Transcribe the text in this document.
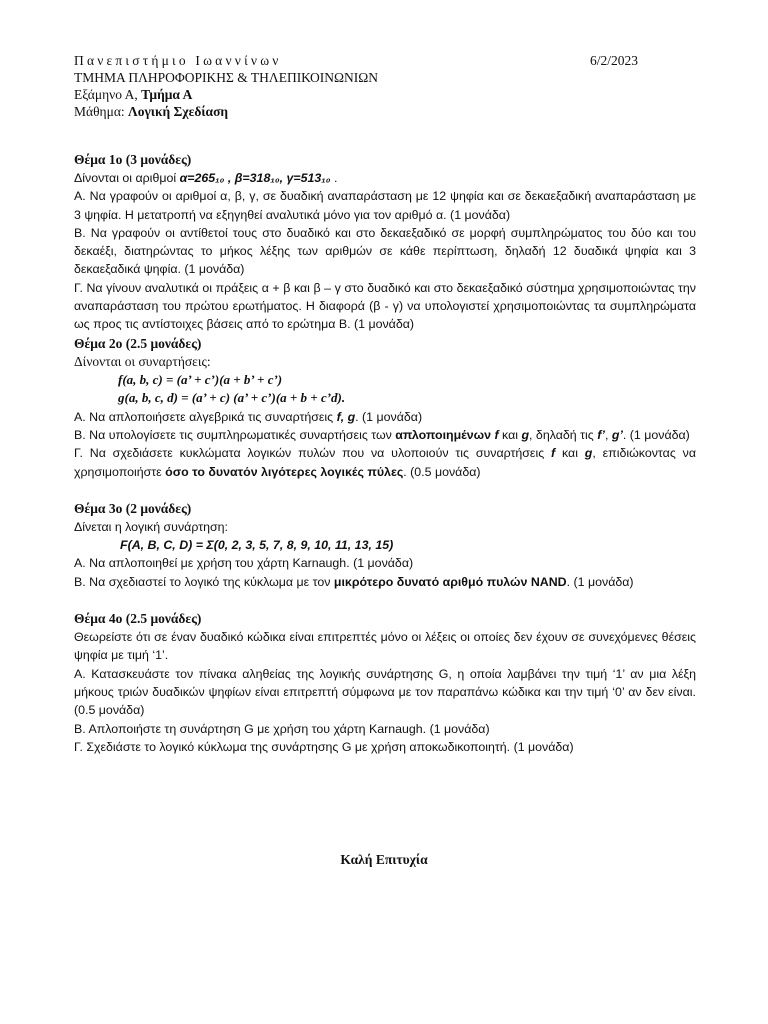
Πανεπιστήμιο Ιωαννίνων	6/2/2023
ΤΜΗΜΑ ΠΛΗΡΟΦΟΡΙΚΗΣ & ΤΗΛΕΠΙΚΟΙΝΩΝΙΩΝ
Εξάμηνο Α, Τμήμα Α
Μάθημα: Λογική Σχεδίαση
Θέμα 1ο (3 μονάδες)

Δίνονται οι αριθμοί α=265₁₀ , β=318₁₀, γ=513₁₀ .

Α. Να γραφούν οι αριθμοί α, β, γ, σε δυαδική αναπαράσταση με 12 ψηφία και σε δεκαεξαδική αναπαράσταση με 3 ψηφία. Η μετατροπή να εξηγηθεί αναλυτικά μόνο για τον αριθμό α. (1 μονάδα)

Β. Να γραφούν οι αντίθετοί τους στο δυαδικό και στο δεκαεξαδικό σε μορφή συμπληρώματος του δύο και του δεκαέξι, διατηρώντας το μήκος λέξης των αριθμών σε κάθε περίπτωση, δηλαδή 12 δυαδικά ψηφία και 3 δεκαεξαδικά ψηφία. (1 μονάδα)

Γ. Να γίνουν αναλυτικά οι πράξεις α + β και β – γ στο δυαδικό και στο δεκαεξαδικό σύστημα χρησιμοποιώντας την αναπαράσταση του πρώτου ερωτήματος. Η διαφορά (β - γ) να υπολογιστεί χρησιμοποιώντας τα συμπληρώματα ως προς τις αντίστοιχες βάσεις από το ερώτημα Β. (1 μονάδα)

Θέμα 2ο (2.5 μονάδες)
Δίνονται οι συναρτήσεις:
f(a, b, c) = (a’ + c’)(a + b’ + c’)
g(a, b, c, d) = (a’ + c) (a’ + c’)(a + b + c’d).

Α. Να απλοποιήσετε αλγεβρικά τις συναρτήσεις f, g. (1 μονάδα)

Β. Να υπολογίσετε τις συμπληρωματικές συναρτήσεις των απλοποιημένων f και g, δηλαδή τις f’, g’. (1 μονάδα)

Γ. Να σχεδιάσετε κυκλώματα λογικών πυλών που να υλοποιούν τις συναρτήσεις f και g, επιδιώκοντας να χρησιμοποιήστε όσο το δυνατόν λιγότερες λογικές πύλες. (0.5 μονάδα)

Θέμα 3ο (2 μονάδες)

Δίνεται η λογική συνάρτηση:

F(A, B, C, D) = Σ(0, 2, 3, 5, 7, 8, 9, 10, 11, 13, 15)

Α. Να απλοποιηθεί με χρήση του χάρτη Karnaugh. (1 μονάδα)

Β. Να σχεδιαστεί το λογικό της κύκλωμα με τον μικρότερο δυνατό αριθμό πυλών NAND. (1 μονάδα)

Θέμα 4ο (2.5 μονάδες)

Θεωρείστε ότι σε έναν δυαδικό κώδικα είναι επιτρεπτές μόνο οι λέξεις οι οποίες δεν έχουν σε συνεχόμενες θέσεις ψηφία με τιμή ‘1’.

Α. Κατασκευάστε τον πίνακα αληθείας της λογικής συνάρτησης G, η οποία λαμβάνει την τιμή ‘1’ αν μια λέξη μήκους τριών δυαδικών ψηφίων είναι επιτρεπτή σύμφωνα με τον παραπάνω κώδικα και την τιμή ‘0’ αν δεν είναι. (0.5 μονάδα)

Β. Απλοποιήστε τη συνάρτηση G με χρήση του χάρτη Karnaugh. (1 μονάδα)

Γ. Σχεδιάστε το λογικό κύκλωμα της συνάρτησης G με χρήση αποκωδικοποιητή. (1 μονάδα)

Καλή Επιτυχία
